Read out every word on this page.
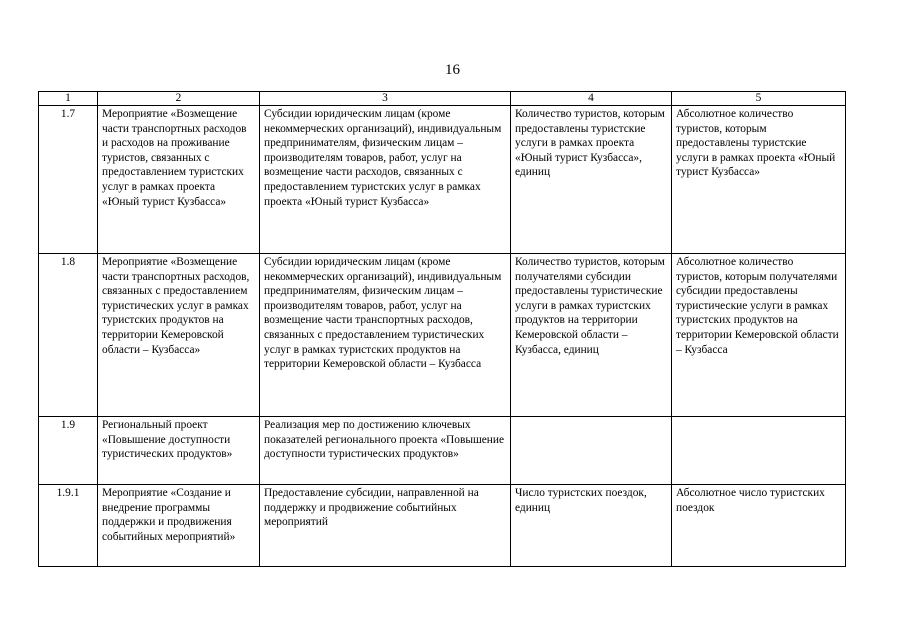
16
1	2	3	4	5
1.7	Мероприятие «Возмещение части транспортных расходов и расходов на проживание туристов, связанных с предоставлением туристских услуг в рамках проекта «Юный турист Кузбасса»	Субсидии юридическим лицам (кроме некоммерческих организаций), индивидуальным предпринимателям, физическим лицам – производителям товаров, работ, услуг на возмещение части расходов, связанных с предоставлением туристских услуг в рамках проекта «Юный турист Кузбасса»	Количество туристов, которым предоставлены туристские услуги в рамках проекта «Юный турист Кузбасса», единиц	Абсолютное количество туристов, которым предоставлены туристские услуги в рамках проекта «Юный турист Кузбасса»
1.8	Мероприятие «Возмещение части транспортных расходов, связанных с предоставлением туристических услуг в рамках туристских продуктов на территории Кемеровской области – Кузбасса»	Субсидии юридическим лицам (кроме некоммерческих организаций), индивидуальным предпринимателям, физическим лицам – производителям товаров, работ, услуг на возмещение части транспортных расходов, связанных с предоставлением туристических услуг в рамках туристских продуктов на территории Кемеровской области – Кузбасса	Количество туристов, которым получателями субсидии предоставлены туристические услуги в рамках туристских продуктов на территории Кемеровской области – Кузбасса, единиц	Абсолютное количество туристов, которым получателями субсидии предоставлены туристические услуги в рамках туристских продуктов на территории Кемеровской области – Кузбасса
1.9	Региональный проект «Повышение доступности туристических продуктов»	Реализация мер по достижению ключевых показателей регионального проекта «Повышение доступности туристических продуктов»		
1.9.1	Мероприятие «Создание и внедрение программы поддержки и продвижения событийных мероприятий»	Предоставление субсидии, направленной на поддержку и продвижение событийных мероприятий	Число туристских поездок, единиц	Абсолютное число туристских поездок
